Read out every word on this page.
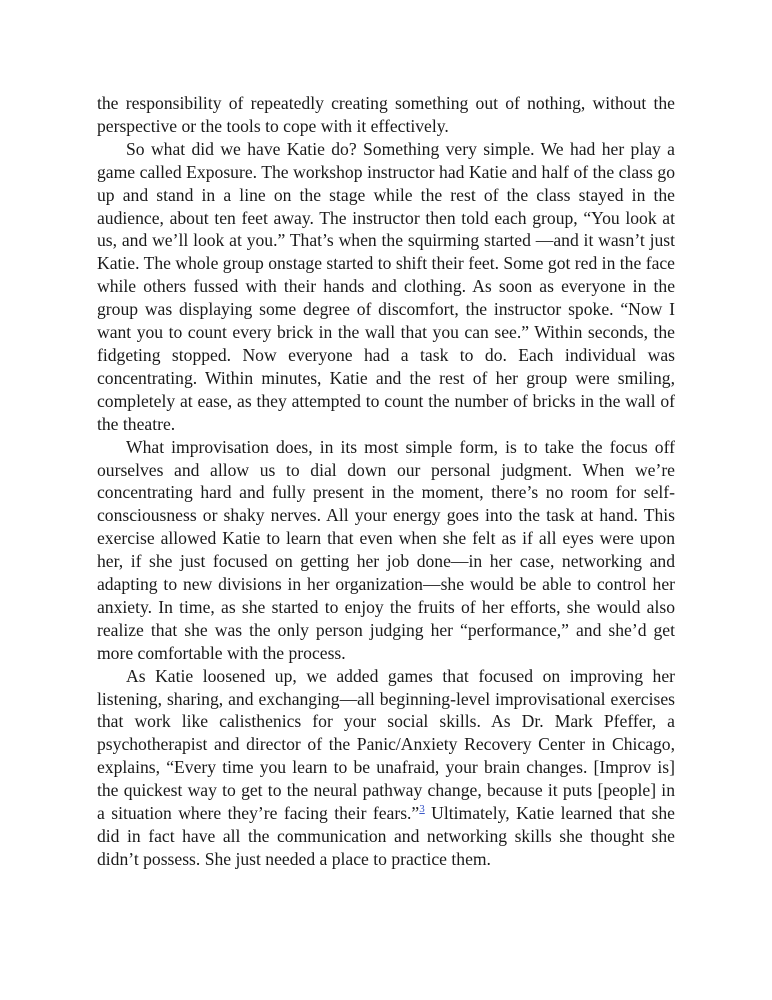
the responsibility of repeatedly creating something out of nothing, without the perspective or the tools to cope with it effectively.

So what did we have Katie do? Something very simple. We had her play a game called Exposure. The workshop instructor had Katie and half of the class go up and stand in a line on the stage while the rest of the class stayed in the audience, about ten feet away. The instructor then told each group, “You look at us, and we’ll look at you.” That’s when the squirming started —and it wasn’t just Katie. The whole group onstage started to shift their feet. Some got red in the face while others fussed with their hands and clothing. As soon as everyone in the group was displaying some degree of discomfort, the instructor spoke. “Now I want you to count every brick in the wall that you can see.” Within seconds, the fidgeting stopped. Now everyone had a task to do. Each individual was concentrating. Within minutes, Katie and the rest of her group were smiling, completely at ease, as they attempted to count the number of bricks in the wall of the theatre.

What improvisation does, in its most simple form, is to take the focus off ourselves and allow us to dial down our personal judgment. When we’re concentrating hard and fully present in the moment, there’s no room for self-consciousness or shaky nerves. All your energy goes into the task at hand. This exercise allowed Katie to learn that even when she felt as if all eyes were upon her, if she just focused on getting her job done—in her case, networking and adapting to new divisions in her organization—she would be able to control her anxiety. In time, as she started to enjoy the fruits of her efforts, she would also realize that she was the only person judging her “performance,” and she’d get more comfortable with the process.

As Katie loosened up, we added games that focused on improving her listening, sharing, and exchanging—all beginning-level improvisational exercises that work like calisthenics for your social skills. As Dr. Mark Pfeffer, a psychotherapist and director of the Panic/Anxiety Recovery Center in Chicago, explains, “Every time you learn to be unafraid, your brain changes. [Improv is] the quickest way to get to the neural pathway change, because it puts [people] in a situation where they’re facing their fears.”$^3$ Ultimately, Katie learned that she did in fact have all the communication and networking skills she thought she didn’t possess. She just needed a place to practice them.
